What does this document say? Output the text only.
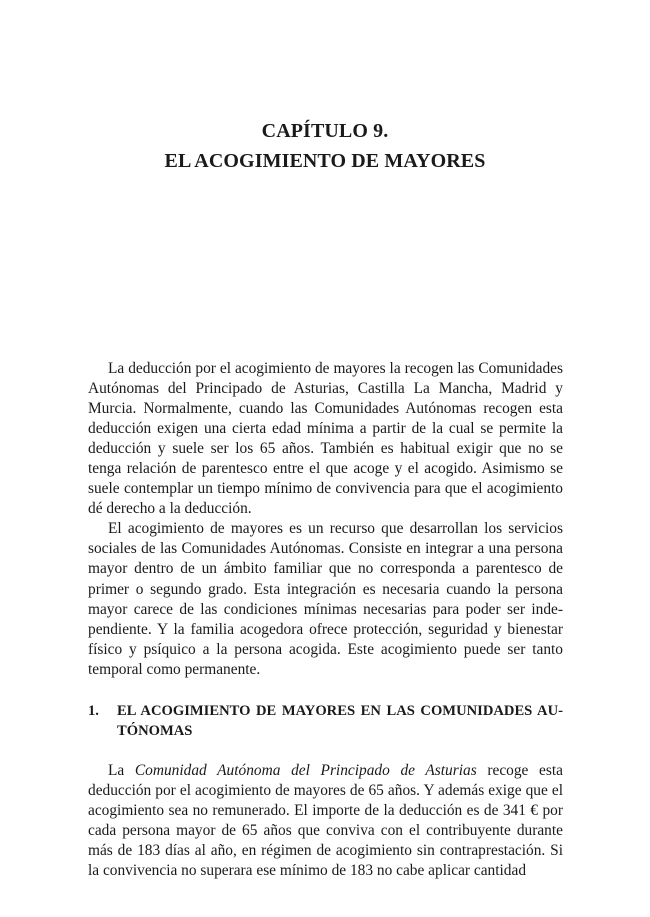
CAPÍTULO 9.
EL ACOGIMIENTO DE MAYORES

La deducción por el acogimiento de mayores la recogen las Comunidades Autónomas del Principado de Asturias, Castilla La Mancha, Madrid y Murcia. Normalmente, cuando las Comunidades Autónomas recogen esta deducción exigen una cierta edad mínima a partir de la cual se permite la deducción y suele ser los 65 años. También es habitual exigir que no se tenga relación de parentesco entre el que acoge y el acogido. Asimismo se suele contemplar un tiempo mínimo de convivencia para que el acogimiento dé derecho a la deducción.

El acogimiento de mayores es un recurso que desarrollan los servicios sociales de las Comunidades Autónomas. Consiste en integrar a una persona mayor dentro de un ámbito familiar que no corresponda a parentesco de primer o segundo grado. Esta integración es necesaria cuando la persona mayor carece de las condiciones mínimas necesarias para poder ser independiente. Y la familia acogedora ofrece protección, seguridad y bienestar físico y psíquico a la persona acogida. Este acogimiento puede ser tanto temporal como permanente.

1.	EL ACOGIMIENTO DE MAYORES EN LAS COMUNIDADES AU-
TÓNOMAS

La Comunidad Autónoma del Principado de Asturias recoge esta deducción por el acogimiento de mayores de 65 años. Y además exige que el acogimiento sea no remunerado. El importe de la deducción es de 341 € por cada persona mayor de 65 años que conviva con el contribuyente durante más de 183 días al año, en régimen de acogimiento sin contraprestación. Si la convivencia no superara ese mínimo de 183 no cabe aplicar cantidad
